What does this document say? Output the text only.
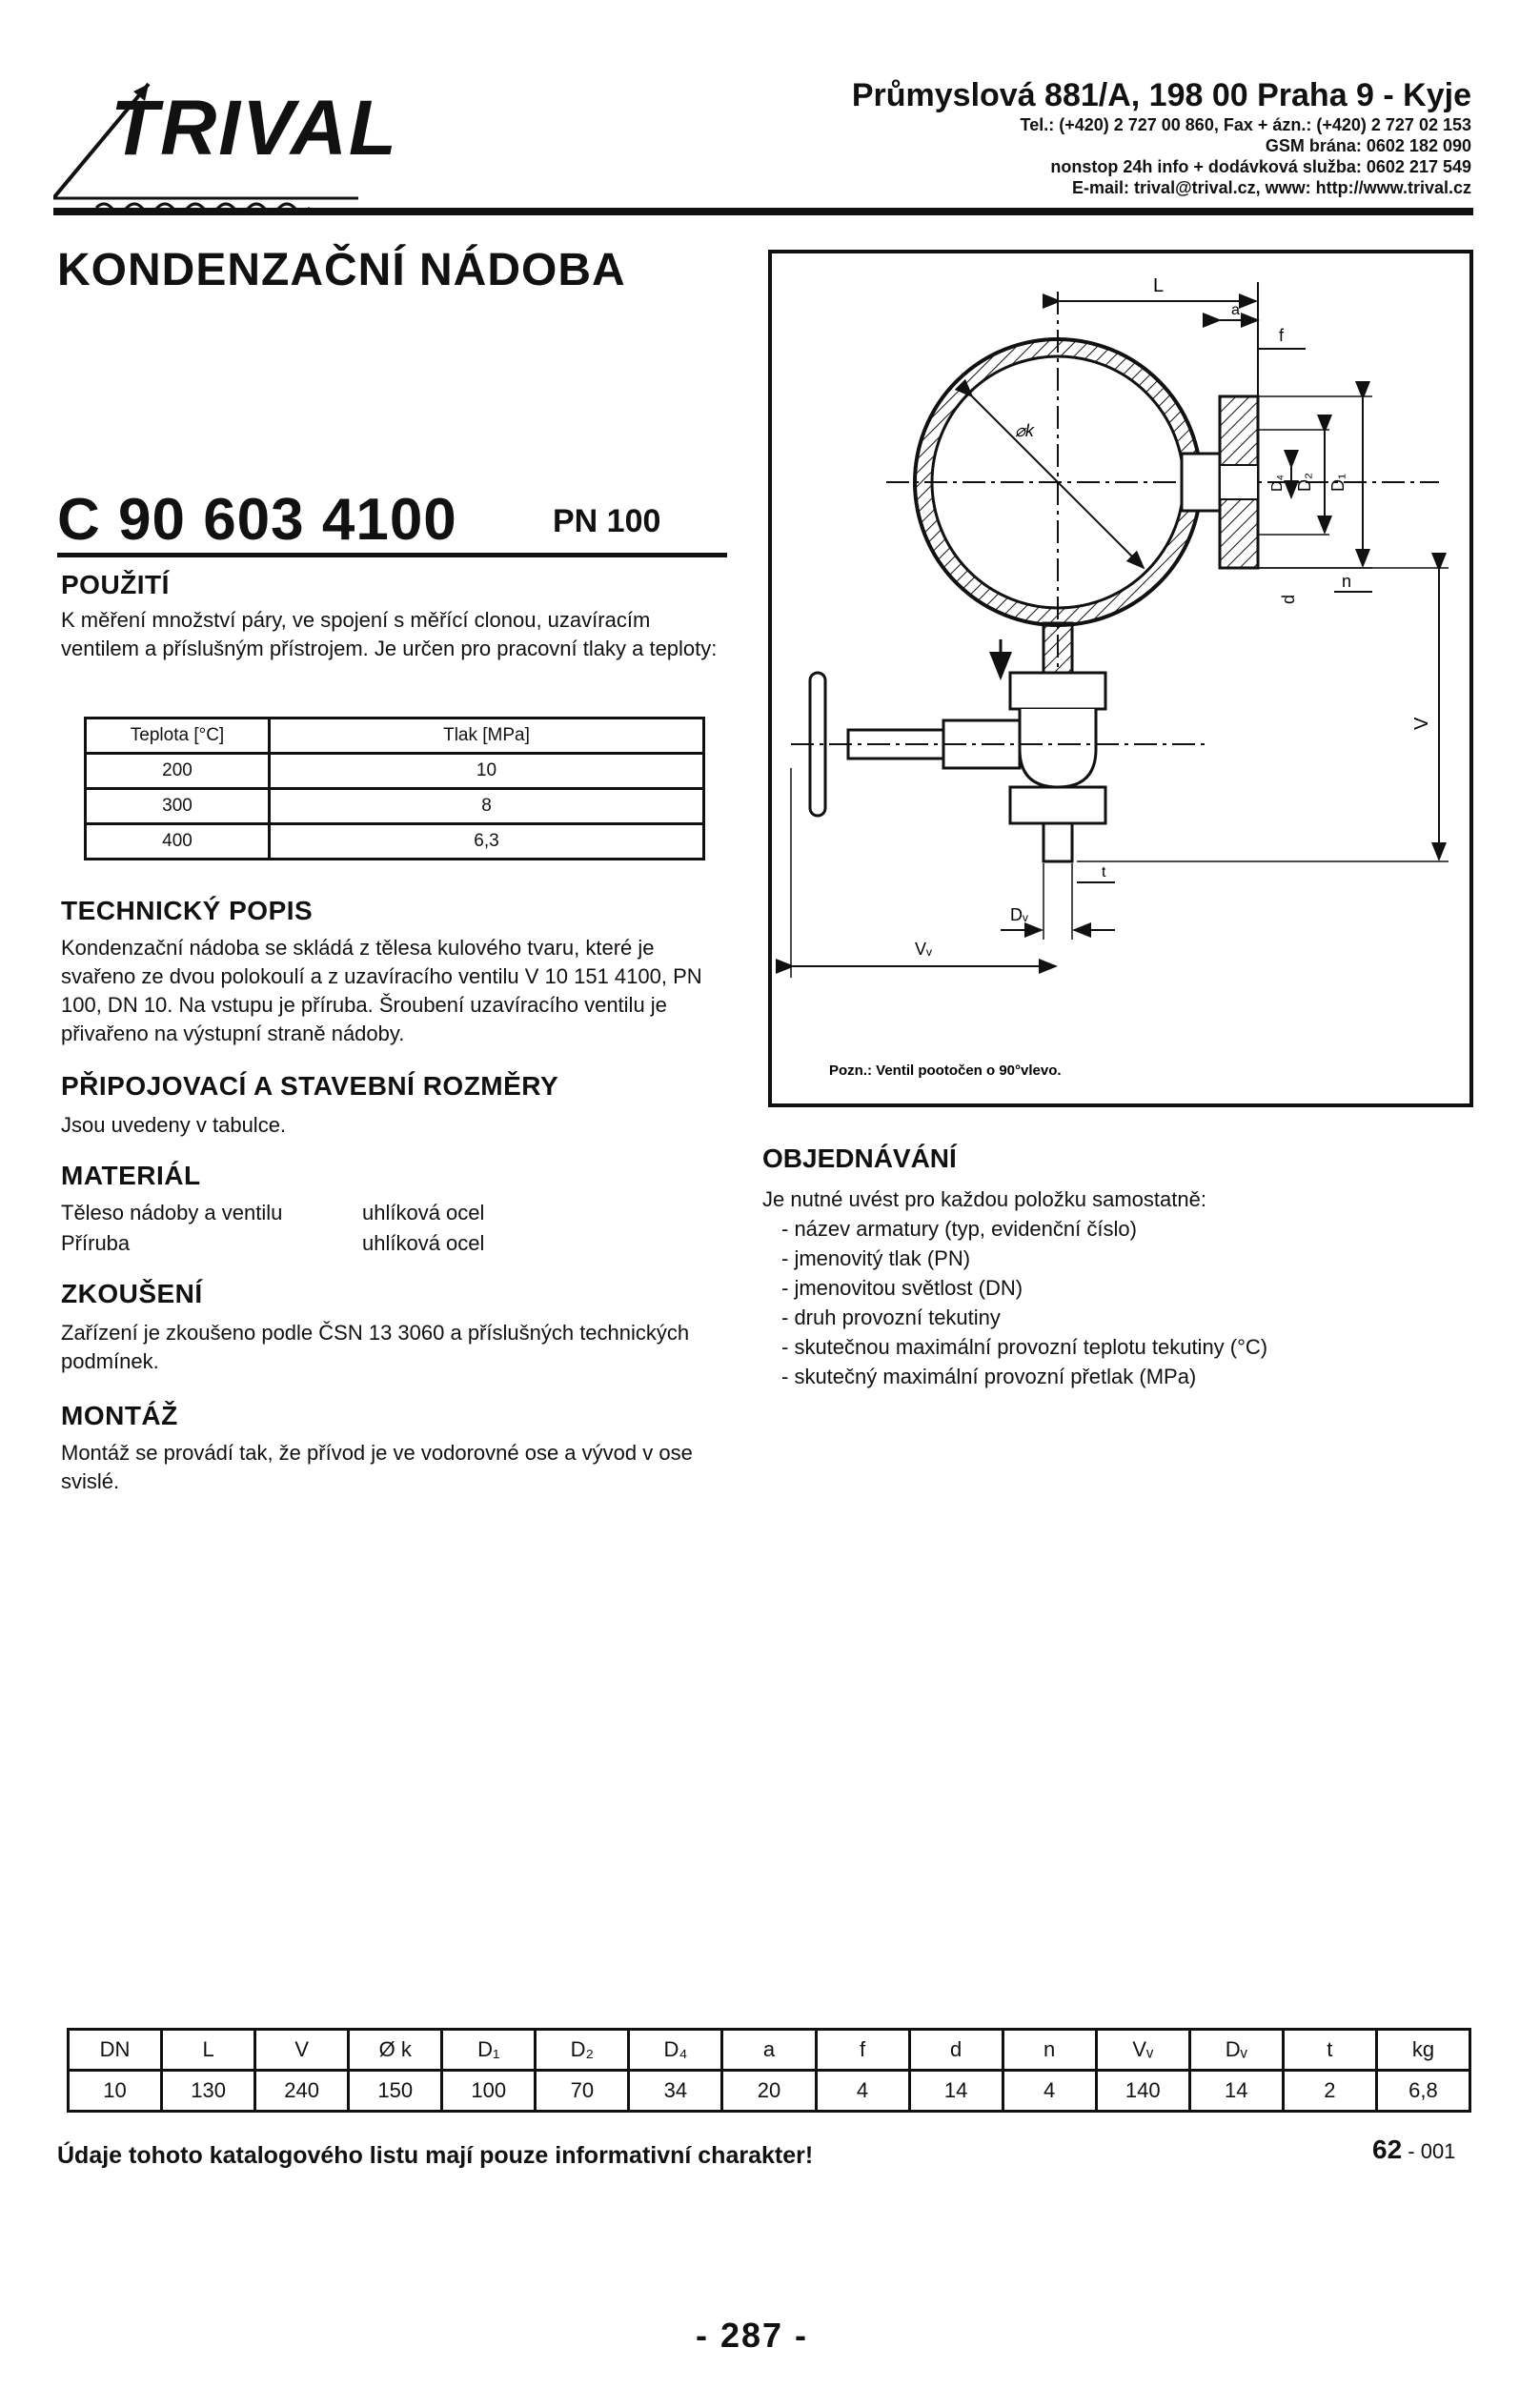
TRIVAL	Průmyslová 881/A, 198 00 Praha 9 - Kyje
Tel.: (+420) 2 727 00 860, Fax + ázn.: (+420) 2 727 02 153
GSM brána: 0602 182 090
nonstop 24h info + dodávková služba: 0602 217 549
E-mail: trival@trival.cz, www: http://www.trival.cz
KONDENZAČNÍ NÁDOBA
C 90 603 4100	PN 100
POUŽITÍ
K měření množství páry, ve spojení s měřící clonou, uzavíracím ventilem a příslušným přístrojem. Je určen pro pracovní tlaky a teploty:
Teplota [°C]	Tlak [MPa]
200	10
300	8
400	6,3
TECHNICKÝ POPIS
Kondenzační nádoba se skládá z tělesa kulového tvaru, které je svařeno ze dvou polokoulí a z uzavíracího ventilu V 10 151 4100, PN 100, DN 10. Na vstupu je příruba. Šroubení uzavíracího ventilu je přivařeno na výstupní straně nádoby.
PŘIPOJOVACÍ A STAVEBNÍ ROZMĚRY
Jsou uvedeny v tabulce.
MATERIÁL
Těleso nádoby a ventilu	uhlíková ocel
Příruba	uhlíková ocel
ZKOUŠENÍ
Zařízení je zkoušeno podle ČSN 13 3060 a příslušných technických podmínek.
MONTÁŽ
Montáž se provádí tak, že přívod je ve vodorovné ose a vývod v ose svislé.
⌀k
L
a
f
D₁
D₂
D₄
d
n
V
t
Dᵥ
Vᵥ
Pozn.: Ventil pootočen o 90°vlevo.
OBJEDNÁVÁNÍ
Je nutné uvést pro každou položku samostatně:
- název armatury (typ, evidenční číslo)
- jmenovitý tlak (PN)
- jmenovitou světlost (DN)
- druh provozní tekutiny
- skutečnou maximální provozní teplotu tekutiny (°C)
- skutečný maximální provozní přetlak (MPa)
DN	L	V	Ø k	D₁	D₂	D₄	a	f	d	n	Vᵥ	Dᵥ	t	kg
10	130	240	150	100	70	34	20	4	14	4	140	14	2	6,8
Údaje tohoto katalogového listu mají pouze informativní charakter!	62 - 001
- 287 -
